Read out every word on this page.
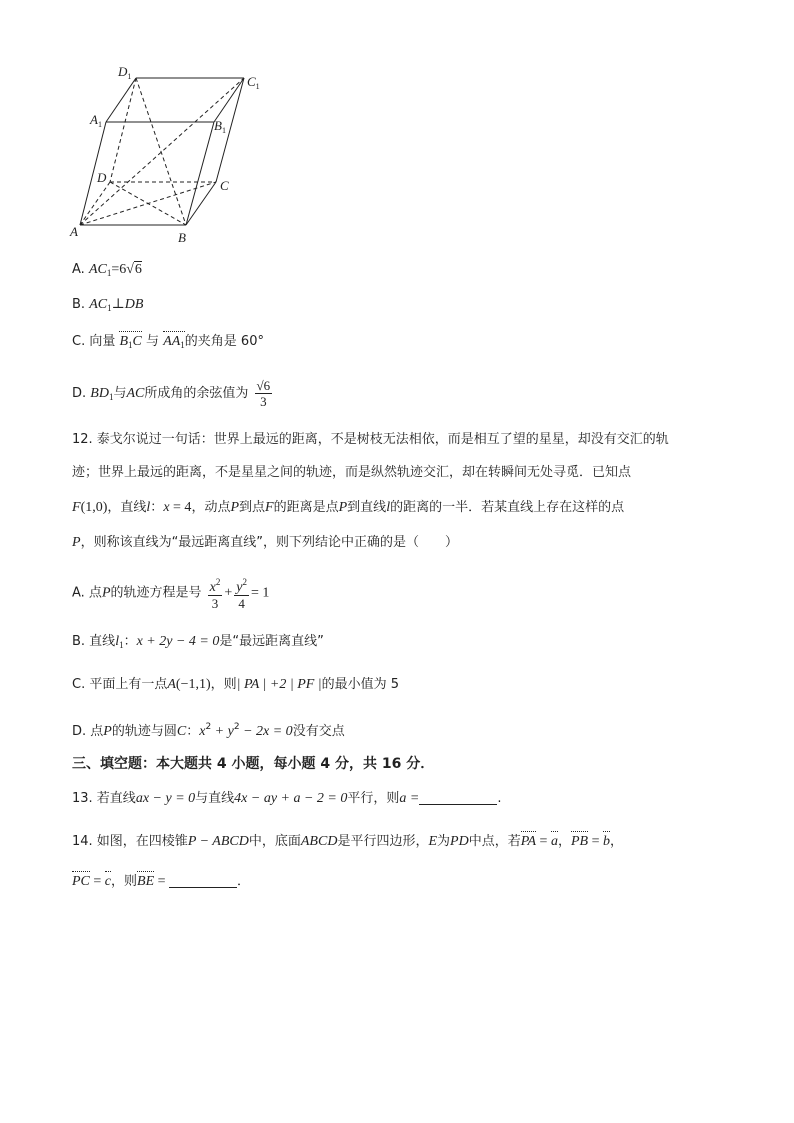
$D_1$	$C_1$
$A_1$	$B_1$
D
C
A	B
A. $AC_1=6√6$
B. $AC_1\perp DB$
C. 向量 $B_1C$ 与 $AA_1$的夹角是 60°
D. $BD_1$与AC所成角的余弦值为 $\frac{√6}{3}$
12. 泰戈尔说过一句话：世界上最远的距离，不是树枝无法相依，而是相互了望的星星，却没有交汇的轨
迹；世界上最远的距离，不是星星之间的轨迹，而是纵然轨迹交汇，却在转瞬间无处寻觅．已知点
F(1,0)，直线l：x = 4，动点P到点F的距离是点P到直线l的距离的一半．若某直线上存在这样的点
P，则称该直线为“最远距离直线”，则下列结论中正确的是（　　）
A. 点P的轨迹方程是号 $\frac{x^2}{3} + \frac{y^2}{4} = 1$
B. 直线$l_1$：x + 2y − 4 = 0是“最远距离直线”
C. 平面上有一点A(−1,1)，则| PA | +2 | PF |的最小值为 5
D. 点P的轨迹与圆C：$x^2 + y^2 - 2x = 0$没有交点
三、填空题：本大题共 4 小题，每小题 4 分，共 16 分．
13. 若直线ax − y = 0与直线4x − ay + a − 2 = 0平行，则a =	.
14. 如图，在四棱锥P − ABCD中，底面ABCD是平行四边形，E为PD中点，若PA = a，PB = b，
PC = c，则BE =	．
